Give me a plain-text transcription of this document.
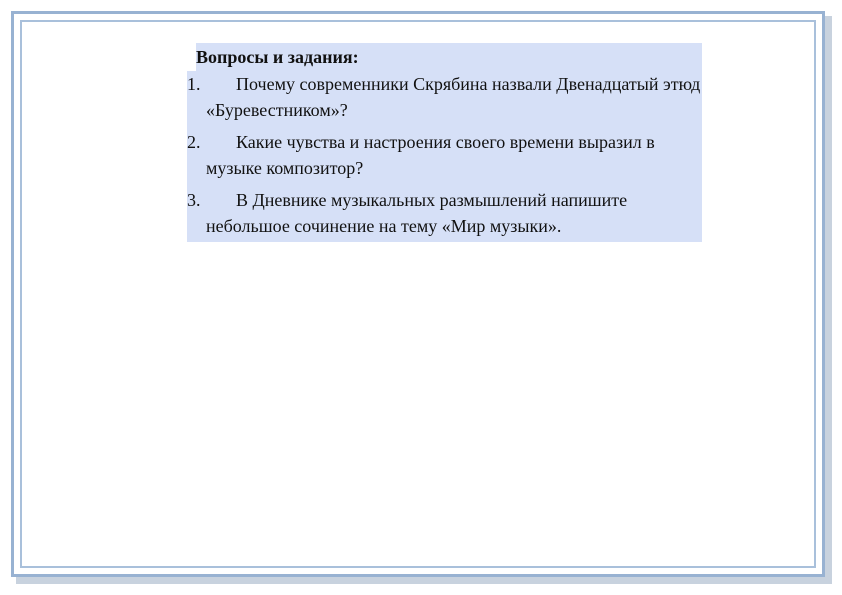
Вопросы и задания:
1.	Почему современники Скрябина назвали Двенадцатый этюд «Буревестником»?
2.	Какие чувства и настроения своего времени выразил в музыке композитор?
3.	В Дневнике музыкальных размышлений напишите небольшое сочинение на тему «Мир музыки».
